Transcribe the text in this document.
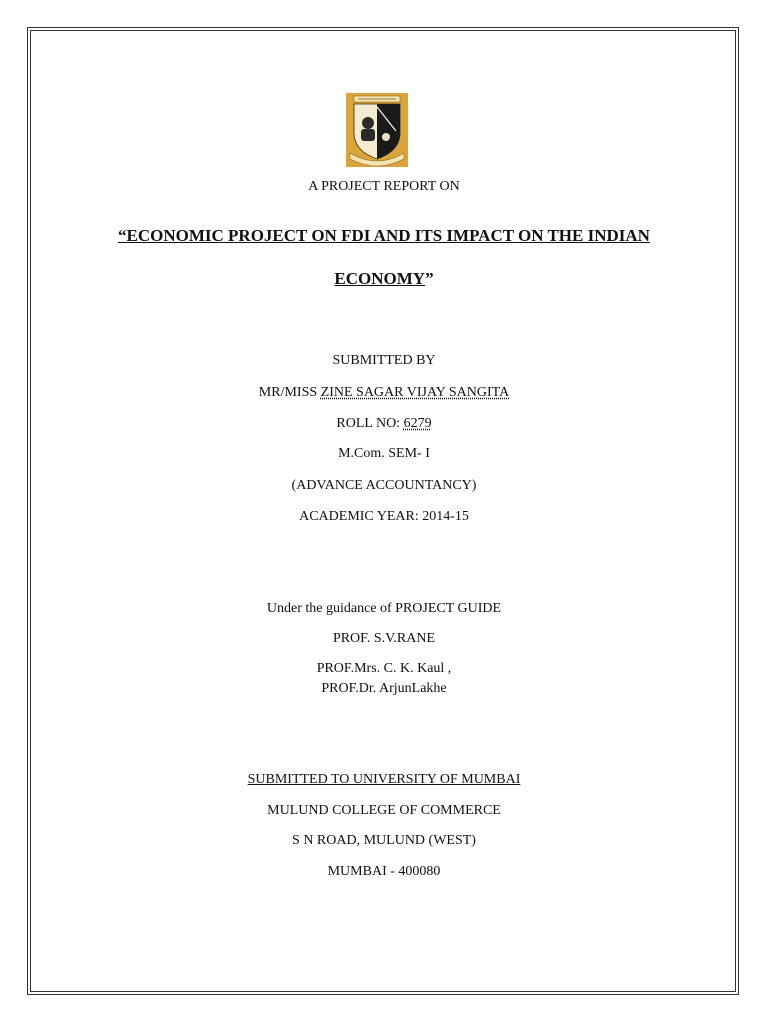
A PROJECT REPORT ON
“ECONOMIC PROJECT ON FDI AND ITS IMPACT ON THE INDIAN
ECONOMY”
SUBMITTED BY
MR/MISS ZINE SAGAR VIJAY SANGITA
ROLL NO: 6279
M.Com. SEM- I
(ADVANCE ACCOUNTANCY)
ACADEMIC YEAR: 2014-15
Under the guidance of PROJECT GUIDE
PROF. S.V.RANE
PROF.Mrs. C. K. Kaul ,
PROF.Dr. ArjunLakhe
SUBMITTED TO UNIVERSITY OF MUMBAI
MULUND COLLEGE OF COMMERCE
S N ROAD, MULUND (WEST)
MUMBAI - 400080
